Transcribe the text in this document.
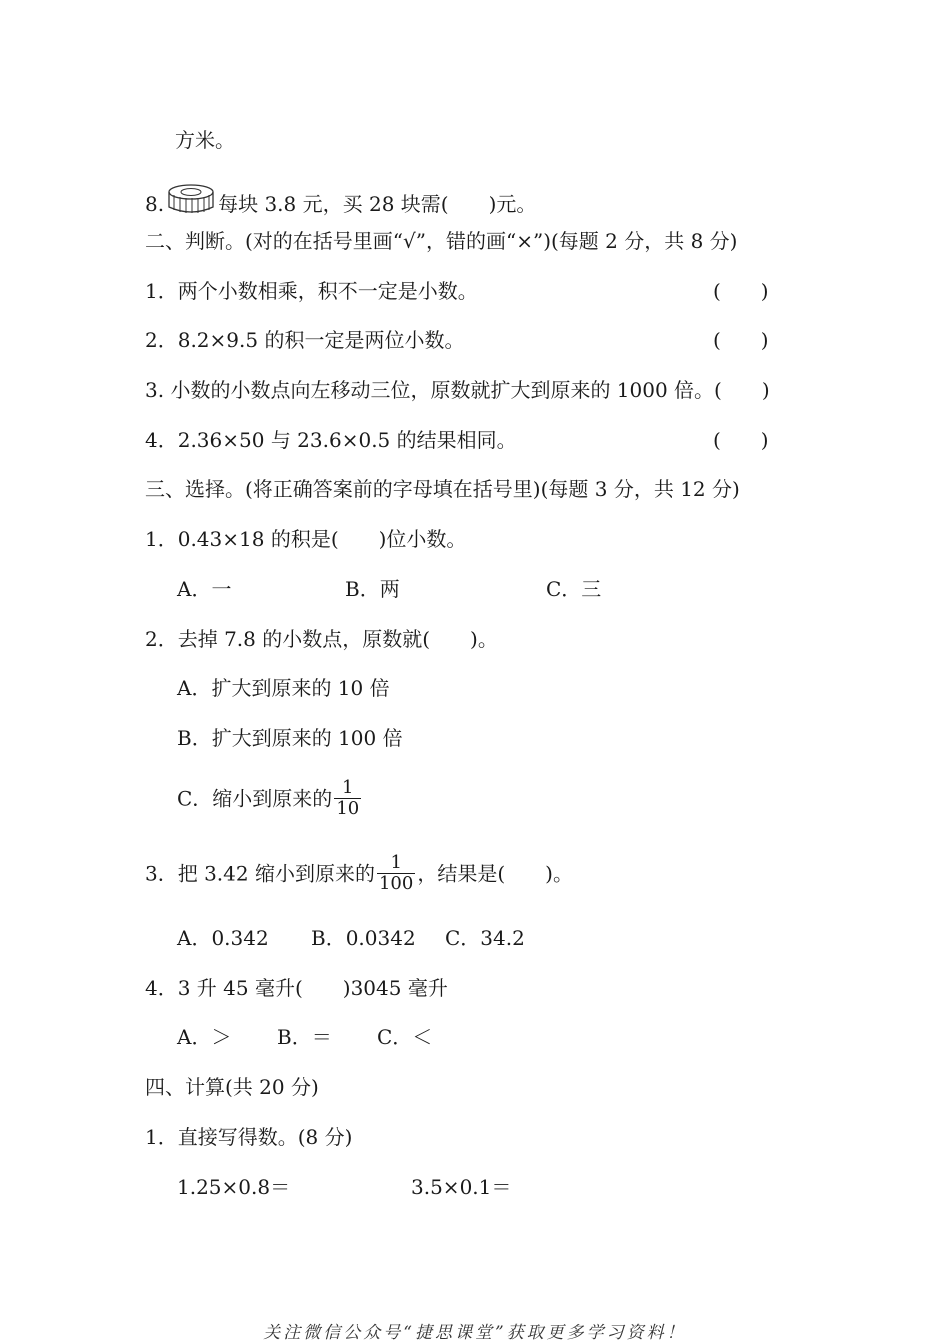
方米。
8.	每块 3.8 元，买 28 块需(　　)元。
二、判断。(对的在括号里画“√”，错的画“×”)(每题 2 分，共 8 分)
1．两个小数相乘，积不一定是小数。	(　　)
2．8.2×9.5 的积一定是两位小数。	(　　)
3. 小数的小数点向左移动三位，原数就扩大到原来的 1000 倍。(　　)
4．2.36×50 与 23.6×0.5 的结果相同。	(　　)
三、选择。(将正确答案前的字母填在括号里)(每题 3 分，共 12 分)
1．0.43×18 的积是(　　)位小数。
A．一	B．两	C．三
2．去掉 7.8 的小数点，原数就(　　)。
A．扩大到原来的 10 倍
B．扩大到原来的 100 倍
C．缩小到原来的 $\frac{1}{10}$
3．把 3.42 缩小到原来的 $\frac{1}{100}$ ，结果是(　　)。
A．0.342 B．0.0342 C．34.2
4．3 升 45 毫升(　　)3045 毫升
A．＞ B．＝ C．＜
四、计算(共 20 分)
1．直接写得数。(8 分)
1.25×0.8＝	3.5×0.1＝
关注微信公众号“捷思课堂”获取更多学习资料！
